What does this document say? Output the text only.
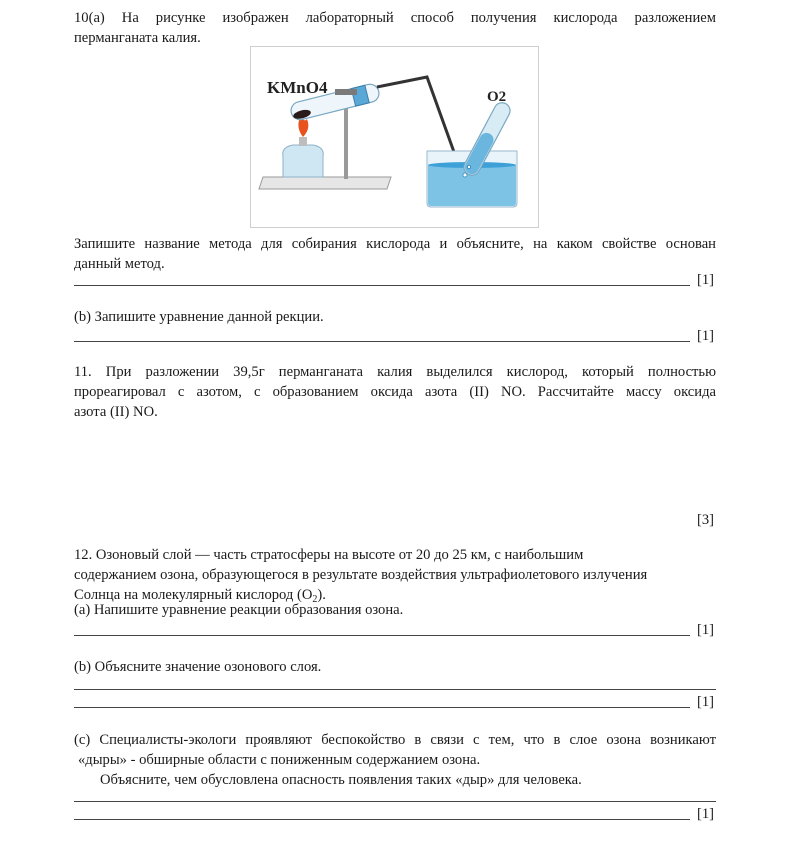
10(а) На рисунке изображен лабораторный способ получения кислорода разложением
перманганата калия.
KMnO4	O2
Запишите название метода для собирания кислорода и объясните, на каком свойстве основан
данный метод.
[1]
(b) Запишите уравнение данной рекции.
[1]
11. При разложении 39,5г перманганата калия выделился кислород, который полностью
прореагировал с азотом, с образованием оксида азота (II) NO. Рассчитайте массу оксида
азота (II) NO.
[3]
12. Озоновый слой — часть стратосферы на высоте от 20 до 25 км, с наибольшим
содержанием озона, образующегося в результате воздействия ультрафиолетового излучения
Солнца на молекулярный кислород $(O_2)$.
(a) Напишите уравнение реакции образования озона.
[1]
(b) Объясните значение озонового слоя.
[1]
(c) Специалисты-экологи проявляют беспокойство в связи с тем, что в слое озона возникают
«дыры» - обширные области с пониженным содержанием озона.
Объясните, чем обусловлена опасность появления таких «дыр» для человека.
[1]
